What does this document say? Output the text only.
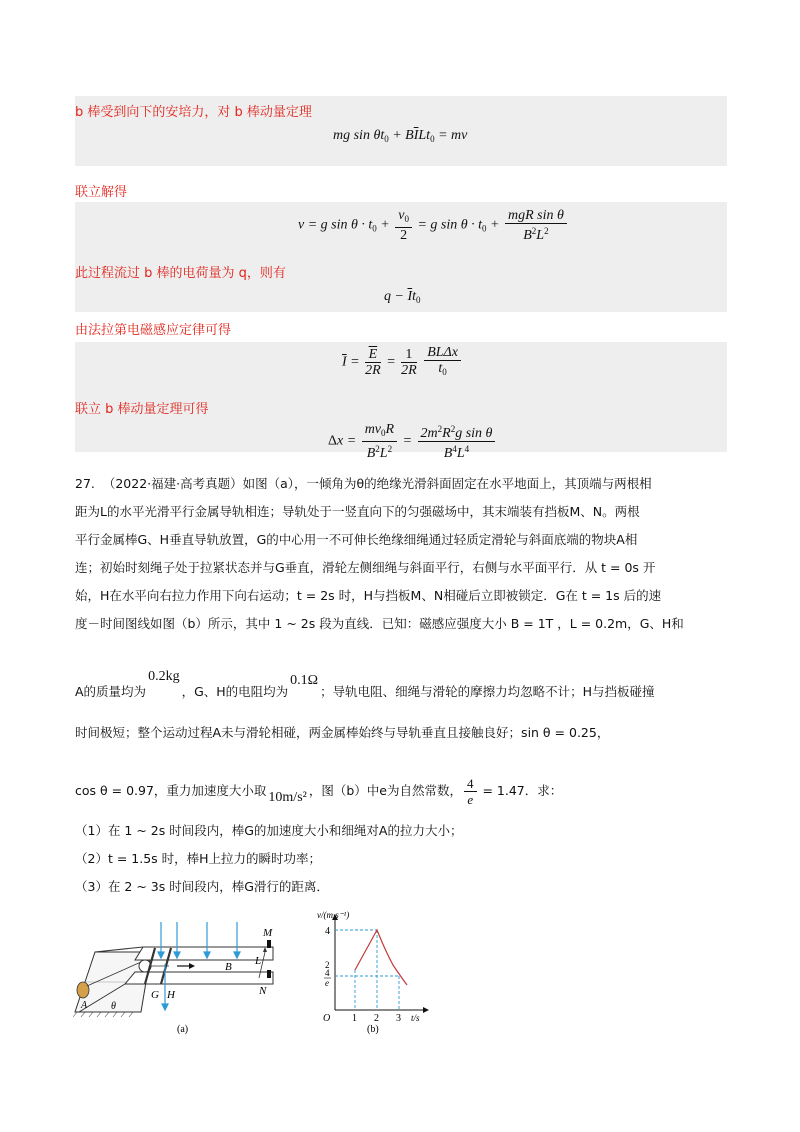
b 棒受到向下的安培力，对 b 棒动量定理
mg $\sin \theta t_0 + B\overline{I}Lt_0$ = mv
联立解得
v = g $\sin \theta \cdot t_0 + \frac{v_0}{2} = g$ $\sin \theta \cdot t_0 + \frac{\text{mgR sin θ}}{B^2L^2}$
此过程流过 b 棒的电荷量为 q，则有
$q - \overline{I}t_0$
由法拉第电磁感应定律可得
$\overline{I} = \frac{\overline{E}}{2R} = \frac{1}{2R}$
$\frac{\text{BLΔx}}{t_0}$
联立 b 棒动量定理可得
$\Delta x = \frac{mv_0R}{B^2L^2} = \frac{2m^2R^2g \sin \theta}{B^4L^4}$
27. （2022·福建·高考真题）如图（a），一倾角为θ的绝缘光滑斜面固定在水平地面上，其顶端与两根相
距为L的水平光滑平行金属导轨相连；导轨处于一竖直向下的匀强磁场中，其末端装有挡板M、N。两根
平行金属棒G、H垂直导轨放置，G的中心用一不可伸长绝缘细绳通过轻质定滑轮与斜面底端的物块A相
连；初始时刻绳子处于拉紧状态并与G垂直，滑轮左侧细绳与斜面平行，右侧与水平面平行．从 t = 0s 开
始，H在水平向右拉力作用下向右运动；t = 2s 时，H与挡板M、N相碰后立即被锁定．G在 t = 1s 后的速
度－时间图线如图（b）所示，其中 1 ~ 2s 段为直线．已知：磁感应强度大小 B = 1T ，L = 0.2m，G、H和
A的质量均为0.2kg，G、H的电阻均为0.1Ω；导轨电阻、细绳与滑轮的摩擦力均忽略不计；H与挡板碰撞
时间极短；整个运动过程A未与滑轮相碰，两金属棒始终与导轨垂直且接触良好；sin θ = 0.25，
cos θ = 0.97，重力加速度大小取 10m/s² ，图（b）中e为自然常数， $\frac{4}{e} = 1.47$．求：
（1）在 1 ~ 2s 时间段内，棒G的加速度大小和细绳对A的拉力大小；
（2）t = 1.5s 时，棒H上拉力的瞬时功率；
（3）在 2 ~ 3s 时间段内，棒G滑行的距离．
M
N
B L
G H
A θ
(a)
O 1 2 3 t/s
4
2
4
e
v/(m·s⁻¹)
(b)
